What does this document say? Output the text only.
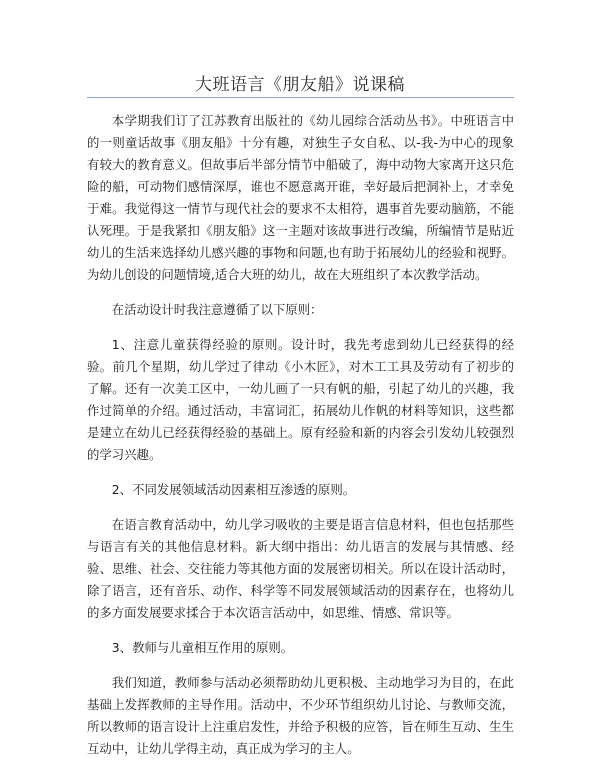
大班语言《朋友船》说课稿

本学期我们订了江苏教育出版社的《幼儿园综合活动丛书》。中班语言中的一则童话故事《朋友船》十分有趣，对独生子女自私、以-我-为中心的现象有较大的教育意义。但故事后半部分情节中船破了，海中动物大家离开这只危险的船，可动物们感情深厚，谁也不愿意离开谁，幸好最后把洞补上，才幸免于难。我觉得这一情节与现代社会的要求不太相符，遇事首先要动脑筋，不能认死理。于是我紧扣《朋友船》这一主题对该故事进行改编，所编情节是贴近幼儿的生活来选择幼儿感兴趣的事物和问题,也有助于拓展幼儿的经验和视野。为幼儿创设的问题情境,适合大班的幼儿，故在大班组织了本次教学活动。

在活动设计时我注意遵循了以下原则：

1、注意儿童获得经验的原则。设计时，我先考虑到幼儿已经获得的经验。前几个星期，幼儿学过了律动《小木匠》，对木工工具及劳动有了初步的了解。还有一次美工区中，一幼儿画了一只有帆的船，引起了幼儿的兴趣，我作过简单的介绍。通过活动，丰富词汇，拓展幼儿作帆的材料等知识，这些都是建立在幼儿已经获得经验的基础上。原有经验和新的内容会引发幼儿较强烈的学习兴趣。

2、不同发展领域活动因素相互渗透的原则。

在语言教育活动中，幼儿学习吸收的主要是语言信息材料，但也包括那些与语言有关的其他信息材料。新大纲中指出：幼儿语言的发展与其情感、经验、思维、社会、交往能力等其他方面的发展密切相关。所以在设计活动时，除了语言，还有音乐、动作、科学等不同发展领域活动的因素存在，也将幼儿的多方面发展要求揉合于本次语言活动中，如思维、情感、常识等。

3、教师与儿童相互作用的原则。

我们知道，教师参与活动必须帮助幼儿更积极、主动地学习为目的，在此基础上发挥教师的主导作用。活动中，不少环节组织幼儿讨论、与教师交流，所以教师的语言设计上注重启发性，并给予积极的应答，旨在师生互动、生生互动中，让幼儿学得主动，真正成为学习的主人。
